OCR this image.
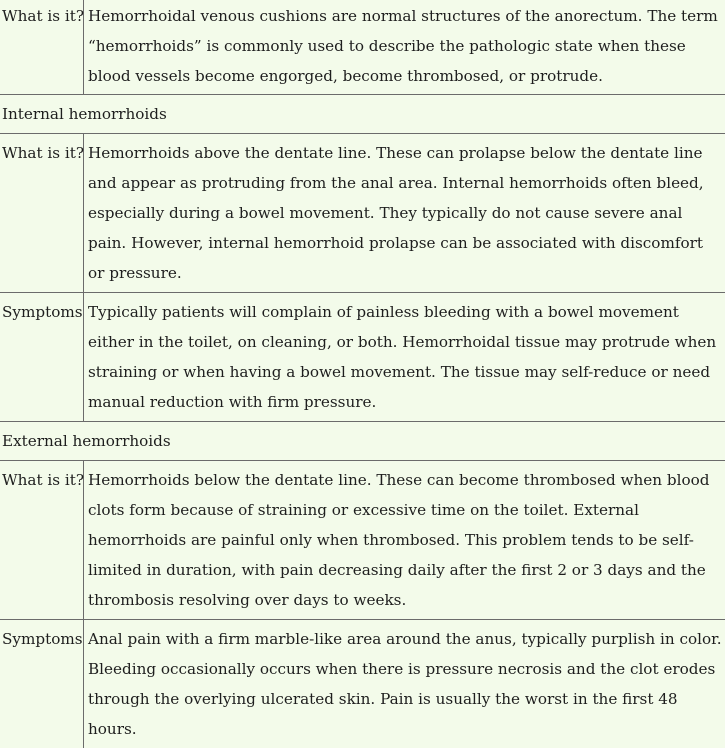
What is it?	Hemorrhoidal venous cushions are normal structures of the anorectum. The term “hemorrhoids” is commonly used to describe the pathologic state when these blood vessels become engorged, become thrombosed, or protrude.
Internal hemorrhoids	
What is it?	Hemorrhoids above the dentate line. These can prolapse below the dentate line and appear as protruding from the anal area. Internal hemorrhoids often bleed, especially during a bowel movement. They typically do not cause severe anal pain. However, internal hemorrhoid prolapse can be associated with discomfort or pressure.
Symptoms	Typically patients will complain of painless bleeding with a bowel movement either in the toilet, on cleaning, or both. Hemorrhoidal tissue may protrude when straining or when having a bowel movement. The tissue may self-reduce or need manual reduction with firm pressure.
External hemorrhoids	
What is it?	Hemorrhoids below the dentate line. These can become thrombosed when blood clots form because of straining or excessive time on the toilet. External hemorrhoids are painful only when thrombosed. This problem tends to be self-limited in duration, with pain decreasing daily after the first 2 or 3 days and the thrombosis resolving over days to weeks.
Symptoms	Anal pain with a firm marble-like area around the anus, typically purplish in color. Bleeding occasionally occurs when there is pressure necrosis and the clot erodes through the overlying ulcerated skin. Pain is usually the worst in the first 48 hours.
